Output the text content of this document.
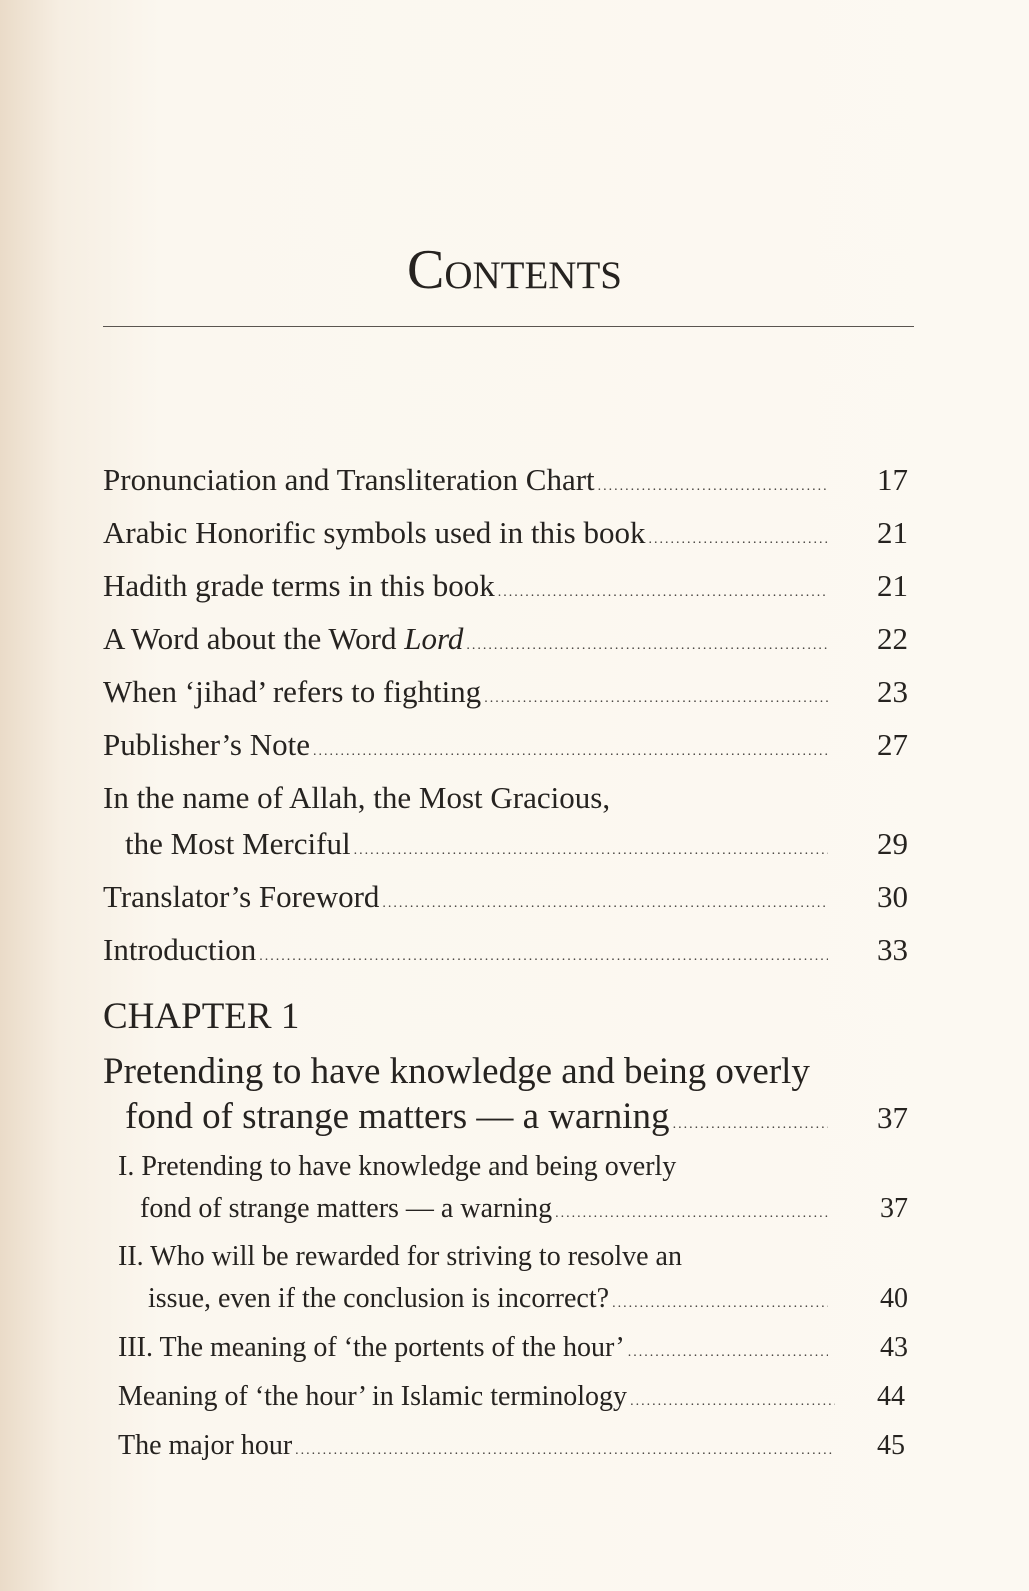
Contents
Pronunciation and Transliteration Chart .....	17
Arabic Honorific symbols used in this book .....	21
Hadith grade terms in this book .....	21
A Word about the Word Lord .....	22
When ‘jihad’ refers to fighting .....	23
Publisher’s Note .....	27
In the name of Allah, the Most Gracious,
the Most Merciful .....	29
Translator’s Foreword .....	30
Introduction .....	33
CHAPTER 1
Pretending to have knowledge and being overly
fond of strange matters — a warning .....	37
I. Pretending to have knowledge and being overly
fond of strange matters — a warning .....	37
II. Who will be rewarded for striving to resolve an
issue, even if the conclusion is incorrect? .....	40
III. The meaning of ‘the portents of the hour’ .....	43
Meaning of ‘the hour’ in Islamic terminology .....	44
The major hour .....	45
